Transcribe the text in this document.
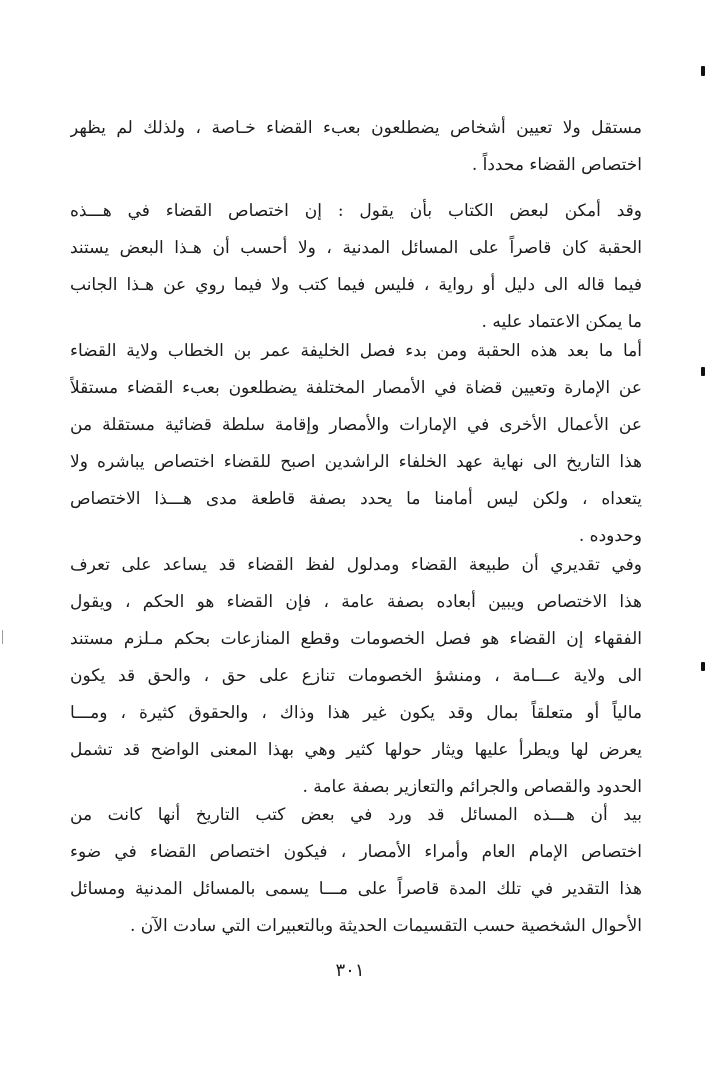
مستقل ولا تعيين أشخاص يضطلعون بعبء القضاء خـاصة ، ولذلك لم يظهر
اختصاص القضاء محدداً .
وقد أمكن لبعض الكتاب بأن يقول : إن اختصاص القضاء في هـــذه
الحقبة كان قاصراً على المسائل المدنية ، ولا أحسب أن هـذا البعض يستند
فيما قاله الى دليل أو رواية ، فليس فيما كتب ولا فيما روي عن هـذا الجانب
ما يمكن الاعتماد عليه .
أما ما بعد هذه الحقبة ومن بدء فصل الخليفة عمر بن الخطاب ولاية القضاء
عن الإمارة وتعيين قضاة في الأمصار المختلفة يضطلعون بعبء القضاء مستقلاً
عن الأعمال الأخرى في الإمارات والأمصار وإقامة سلطة قضائية مستقلة من
هذا التاريخ الى نهاية عهد الخلفاء الراشدين اصبح للقضاء اختصاص يباشره ولا
يتعداه ، ولكن ليس أمامنا ما يحدد بصفة قاطعة مدى هـــذا الاختصاص
وحدوده .
وفي تقديري أن طبيعة القضاء ومدلول لفظ القضاء قد يساعد على تعرف
هذا الاختصاص ويبين أبعاده بصفة عامة ، فإن القضاء هو الحكم ، ويقول
الفقهاء إن القضاء هو فصل الخصومات وقطع المنازعات بحكم مـلزم مستند
الى ولاية عـــامة ، ومنشؤ الخصومات تنازع على حق ، والحق قد يكون
مالياً أو متعلقاً بمال وقد يكون غير هذا وذاك ، والحقوق كثيرة ، ومـــا
يعرض لها ويطرأ عليها ويثار حولها كثير وهي بهذا المعنى الواضح قد تشمل
الحدود والقصاص والجرائم والتعازير بصفة عامة .
بيد أن هـــذه المسائل قد ورد في بعض كتب التاريخ أنها كانت من
اختصاص الإمام العام وأمراء الأمصار ، فيكون اختصاص القضاء في ضوء
هذا التقدير في تلك المدة قاصراً على مـــا يسمى بالمسائل المدنية ومسائل
الأحوال الشخصية حسب التقسيمات الحديثة وبالتعبيرات التي سادت الآن .
٣٠١
